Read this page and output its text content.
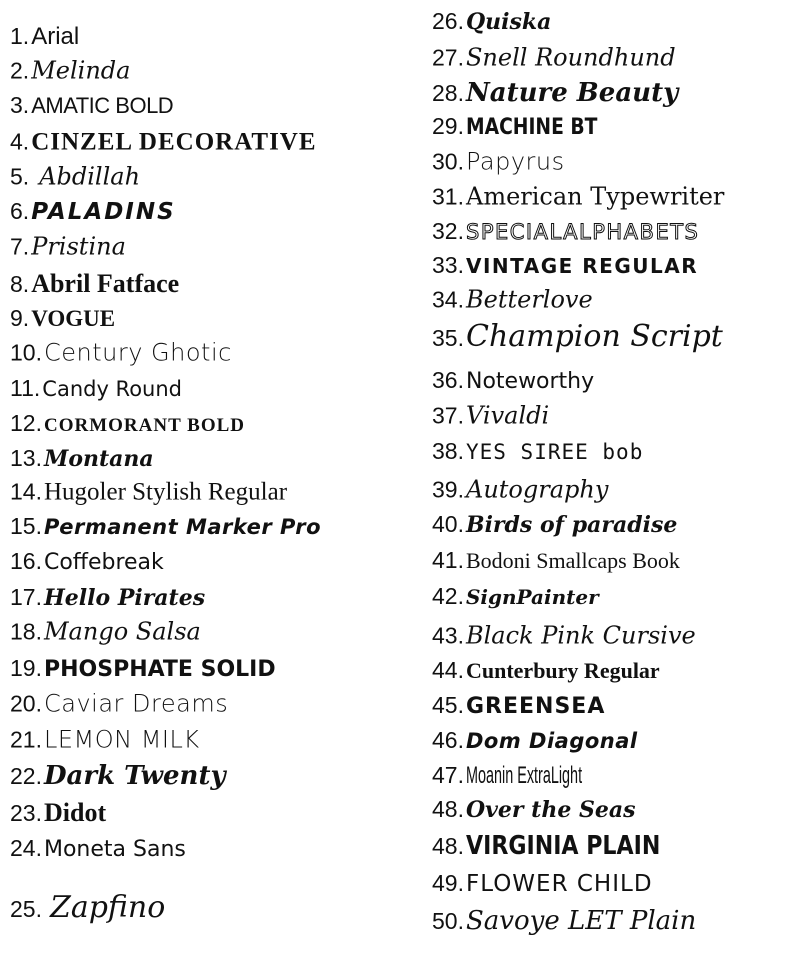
1.Arial
2.Melinda
3.AMATIC BOLD
4.CINZEL DECORATIVE
5. Abdillah
6.PALADINS
7.Pristina
8.Abril Fatface
9.VOGUE
10.Century Ghotic
11.Candy Round
12. CORMORANT BOLD
13.Montana
14.Hugoler Stylish Regular
15.Permanent Marker Pro
16.Coffebreak
17.Hello Pirates
18.Mango Salsa
19.PHOSPHATE SOLID
20.Caviar Dreams
21.LEMON MILK
22.Dark Twenty
23.Didot
24.Moneta Sans
25. Zapfino
26.Quiska
27.Snell Roundhund
28.Nature Beauty
29.MACHINE BT
30.Papyrus
31.American Typewriter
32.SPECIALALPHABETS
33. VINTAGE REGULAR
34.Betterlove
35.Champion Script
36.Noteworthy
37.Vivaldi
38.YES SIREE bob
39.Autography
40.Birds of paradise
41.Bodoni Smallcaps Book
42. SignPainter
43.Black Pink Cursive
44.Cunterbury Regular
45.GREENSEA
46.Dom Diagonal
47.Moanin ExtraLight
48.Over the Seas
48.VIRGINIA PLAIN
49.FLOWER CHILD
50.Savoye LET Plain
